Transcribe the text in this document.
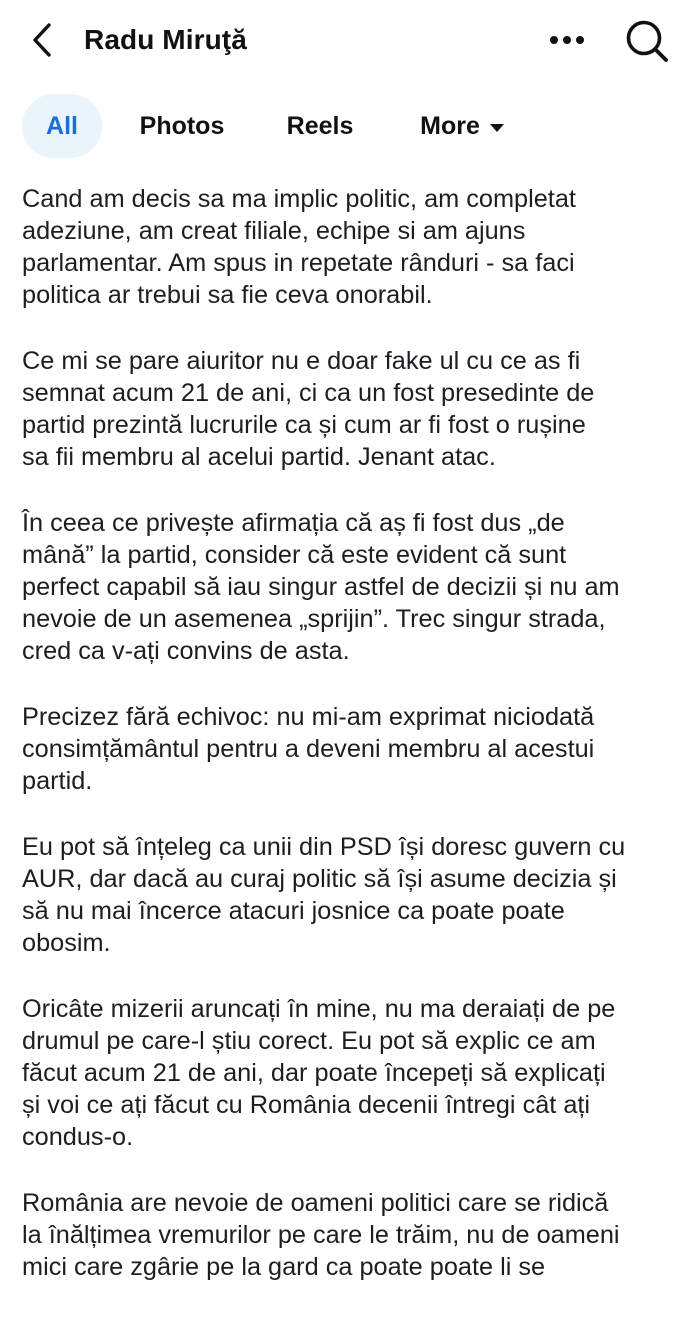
Radu Miruţă
All Photos Reels	More

Cand am decis sa ma implic politic, am completat
adeziune, am creat filiale, echipe si am ajuns
parlamentar. Am spus in repetate rânduri - sa faci
politica ar trebui sa fie ceva onorabil.

Ce mi se pare aiuritor nu e doar fake ul cu ce as fi
semnat acum 21 de ani, ci ca un fost presedinte de
partid prezintă lucrurile ca și cum ar fi fost o rușine
sa fii membru al acelui partid. Jenant atac.

În ceea ce privește afirmația că aș fi fost dus „de
mână” la partid, consider că este evident că sunt
perfect capabil să iau singur astfel de decizii și nu am
nevoie de un asemenea „sprijin”. Trec singur strada,
cred ca v-ați convins de asta.

Precizez fără echivoc: nu mi-am exprimat niciodată
consimțământul pentru a deveni membru al acestui
partid.

Eu pot să înțeleg ca unii din PSD își doresc guvern cu
AUR, dar dacă au curaj politic să își asume decizia și
să nu mai încerce atacuri josnice ca poate poate
obosim.

Oricâte mizerii aruncați în mine, nu ma deraiați de pe
drumul pe care-l știu corect. Eu pot să explic ce am
făcut acum 21 de ani, dar poate începeți să explicați
și voi ce ați făcut cu România decenii întregi cât ați
condus-o.

România are nevoie de oameni politici care se ridică
la înălțimea vremurilor pe care le trăim, nu de oameni
mici care zgârie pe la gard ca poate poate li se
